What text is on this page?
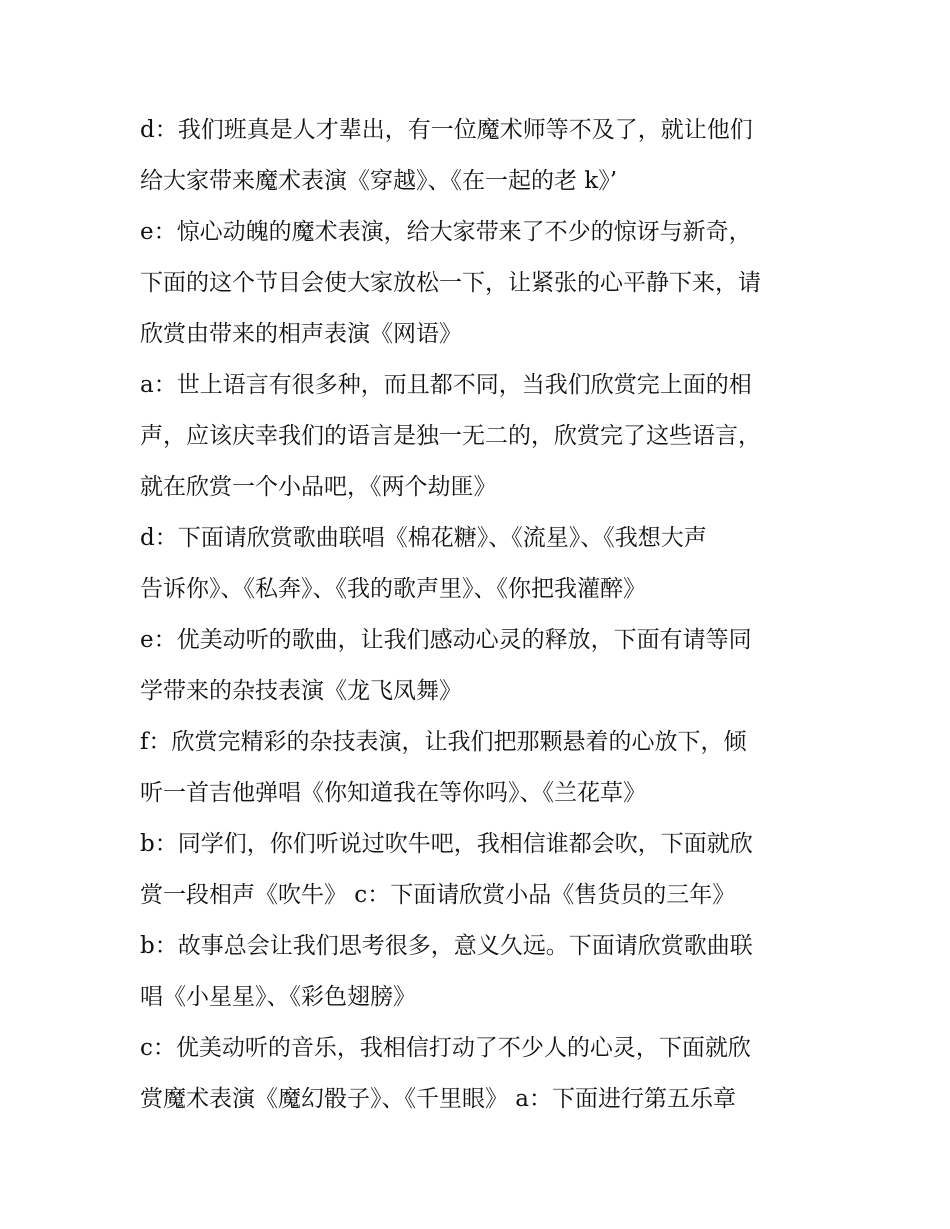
d：我们班真是人才辈出，有一位魔术师等不及了，就让他们
给大家带来魔术表演《穿越》、《在一起的老 k》’
e：惊心动魄的魔术表演，给大家带来了不少的惊讶与新奇，
下面的这个节目会使大家放松一下，让紧张的心平静下来，请
欣赏由带来的相声表演《网语》
a：世上语言有很多种，而且都不同，当我们欣赏完上面的相
声，应该庆幸我们的语言是独一无二的，欣赏完了这些语言，
就在欣赏一个小品吧，《两个劫匪》
d：下面请欣赏歌曲联唱《棉花糖》、《流星》、《我想大声
告诉你》、《私奔》、《我的歌声里》、《你把我灌醉》
e：优美动听的歌曲，让我们感动心灵的释放，下面有请等同
学带来的杂技表演《龙飞凤舞》
f：欣赏完精彩的杂技表演，让我们把那颗悬着的心放下，倾
听一首吉他弹唱《你知道我在等你吗》、《兰花草》
b：同学们，你们听说过吹牛吧，我相信谁都会吹，下面就欣
赏一段相声《吹牛》 c：下面请欣赏小品《售货员的三年》
b：故事总会让我们思考很多，意义久远。下面请欣赏歌曲联
唱《小星星》、《彩色翅膀》
c：优美动听的音乐，我相信打动了不少人的心灵，下面就欣
赏魔术表演《魔幻骰子》、《千里眼》 a：下面进行第五乐章
